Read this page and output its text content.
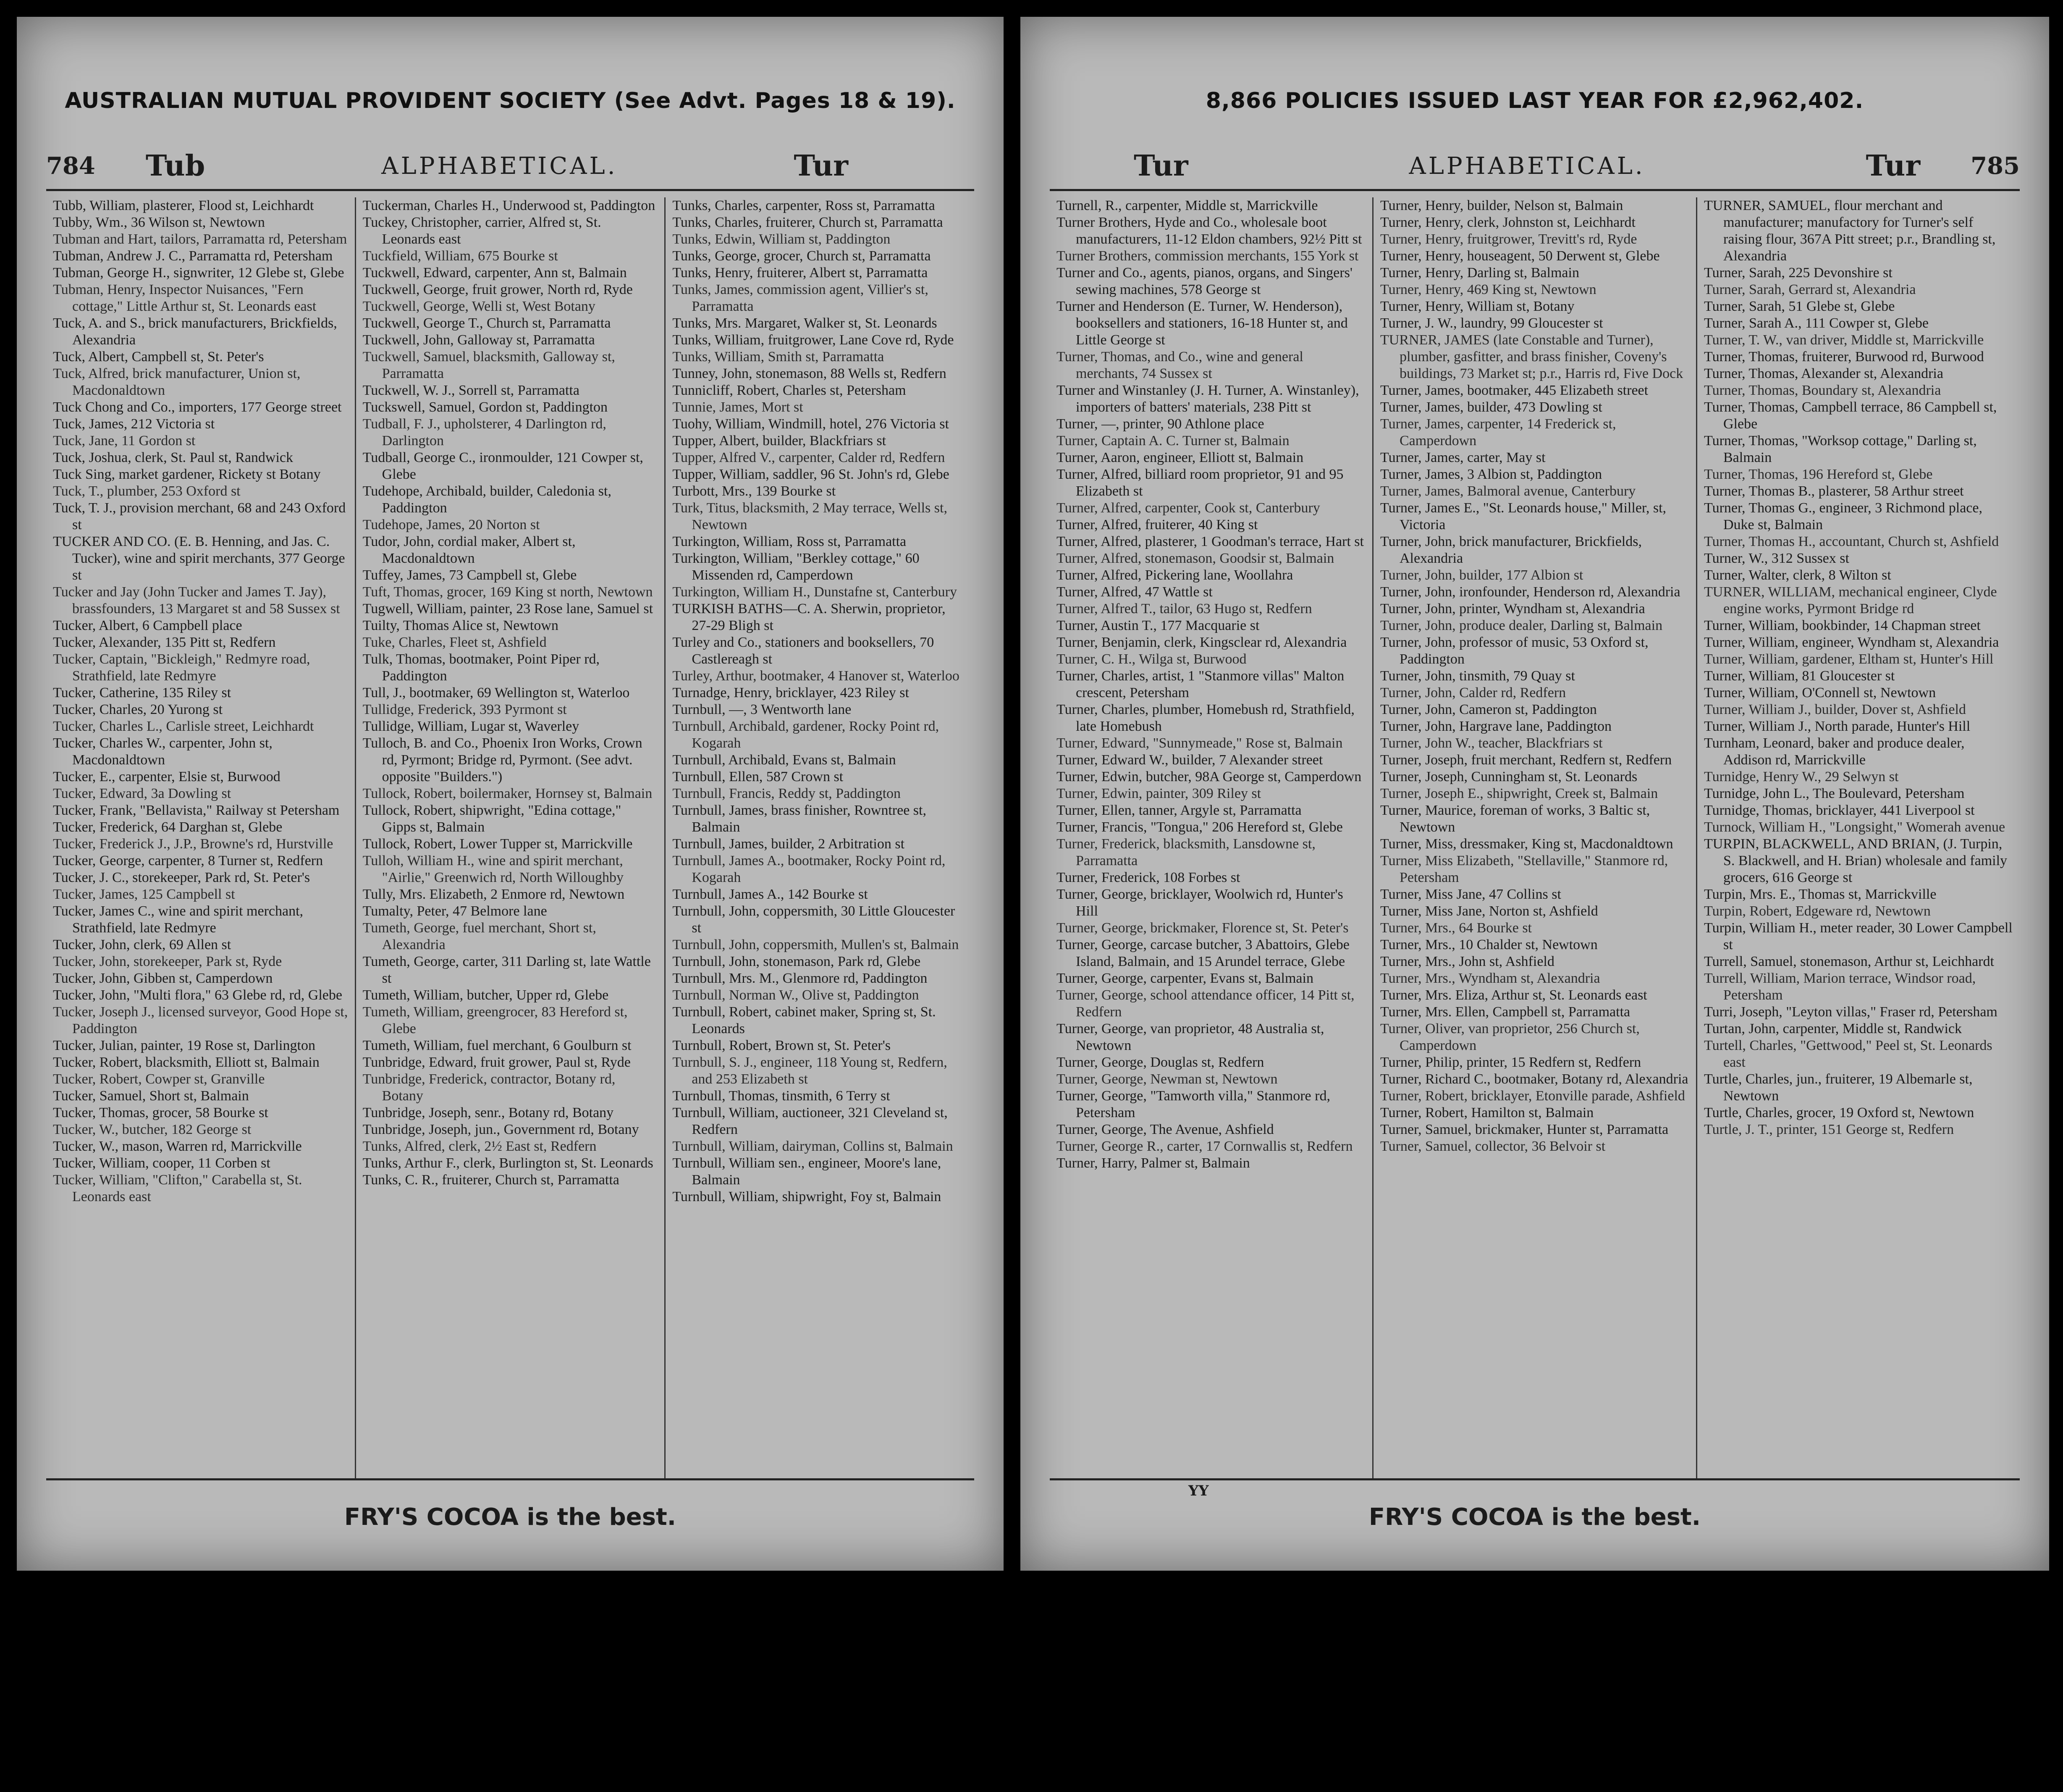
AUSTRALIAN MUTUAL PROVIDENT SOCIETY (See Advt. Pages 18 & 19).
784 Tub	ALPHABETICAL.	Tur

Tubb, William, plasterer, Flood st, Leichhardt

Tubby, Wm., 36 Wilson st, Newtown

Tubman and Hart, tailors, Parramatta rd, Petersham

Tubman, Andrew J. C., Parramatta rd, Petersham

Tubman, George H., signwriter, 12 Glebe st, Glebe

Tubman, Henry, Inspector Nuisances, "Fern cottage," Little Arthur st, St. Leonards east

Tuck, A. and S., brick manufacturers, Brickfields, Alexandria

Tuck, Albert, Campbell st, St. Peter's

Tuck, Alfred, brick manufacturer, Union st, Macdonaldtown

Tuck Chong and Co., importers, 177 George street

Tuck, James, 212 Victoria st

Tuck, Jane, 11 Gordon st

Tuck, Joshua, clerk, St. Paul st, Randwick

Tuck Sing, market gardener, Rickety st Botany

Tuck, T., plumber, 253 Oxford st

Tuck, T. J., provision merchant, 68 and 243 Oxford st

TUCKER AND CO. (E. B. Henning, and Jas. C. Tucker), wine and spirit merchants, 377 George st

Tucker and Jay (John Tucker and James T. Jay), brassfounders, 13 Margaret st and 58 Sussex st

Tucker, Albert, 6 Campbell place

Tucker, Alexander, 135 Pitt st, Redfern

Tucker, Captain, "Bickleigh," Redmyre road, Strathfield, late Redmyre

Tucker, Catherine, 135 Riley st

Tucker, Charles, 20 Yurong st

Tucker, Charles L., Carlisle street, Leichhardt

Tucker, Charles W., carpenter, John st, Macdonaldtown

Tucker, E., carpenter, Elsie st, Burwood

Tucker, Edward, 3a Dowling st

Tucker, Frank, "Bellavista," Railway st Petersham

Tucker, Frederick, 64 Darghan st, Glebe

Tucker, Frederick J., J.P., Browne's rd, Hurstville

Tucker, George, carpenter, 8 Turner st, Redfern

Tucker, J. C., storekeeper, Park rd, St. Peter's

Tucker, James, 125 Campbell st

Tucker, James C., wine and spirit merchant, Strathfield, late Redmyre

Tucker, John, clerk, 69 Allen st

Tucker, John, storekeeper, Park st, Ryde

Tucker, John, Gibben st, Camperdown

Tucker, John, "Multi flora," 63 Glebe rd, rd, Glebe

Tucker, Joseph J., licensed surveyor, Good Hope st, Paddington

Tucker, Julian, painter, 19 Rose st, Darlington

Tucker, Robert, blacksmith, Elliott st, Balmain

Tucker, Robert, Cowper st, Granville

Tucker, Samuel, Short st, Balmain

Tucker, Thomas, grocer, 58 Bourke st

Tucker, W., butcher, 182 George st

Tucker, W., mason, Warren rd, Marrickville

Tucker, William, cooper, 11 Corben st

Tucker, William, "Clifton," Carabella st, St. Leonards east

Tuckerman, Charles H., Underwood st, Paddington

Tuckey, Christopher, carrier, Alfred st, St. Leonards east

Tuckfield, William, 675 Bourke st

Tuckwell, Edward, carpenter, Ann st, Balmain

Tuckwell, George, fruit grower, North rd, Ryde

Tuckwell, George, Welli st, West Botany

Tuckwell, George T., Church st, Parramatta

Tuckwell, John, Galloway st, Parramatta

Tuckwell, Samuel, blacksmith, Galloway st, Parramatta

Tuckwell, W. J., Sorrell st, Parramatta

Tuckswell, Samuel, Gordon st, Paddington

Tudball, F. J., upholsterer, 4 Darlington rd, Darlington

Tudball, George C., ironmoulder, 121 Cowper st, Glebe

Tudehope, Archibald, builder, Caledonia st, Paddington

Tudehope, James, 20 Norton st

Tudor, John, cordial maker, Albert st, Macdonaldtown

Tuffey, James, 73 Campbell st, Glebe

Tuft, Thomas, grocer, 169 King st north, Newtown

Tugwell, William, painter, 23 Rose lane, Samuel st

Tuilty, Thomas Alice st, Newtown

Tuke, Charles, Fleet st, Ashfield

Tulk, Thomas, bootmaker, Point Piper rd, Paddington

Tull, J., bootmaker, 69 Wellington st, Waterloo

Tullidge, Frederick, 393 Pyrmont st

Tullidge, William, Lugar st, Waverley

Tulloch, B. and Co., Phoenix Iron Works, Crown rd, Pyrmont; Bridge rd, Pyrmont. (See advt. opposite "Builders.")

Tullock, Robert, boilermaker, Hornsey st, Balmain

Tullock, Robert, shipwright, "Edina cottage," Gipps st, Balmain

Tullock, Robert, Lower Tupper st, Marrickville

Tulloh, William H., wine and spirit merchant, "Airlie," Greenwich rd, North Willoughby

Tully, Mrs. Elizabeth, 2 Enmore rd, Newtown

Tumalty, Peter, 47 Belmore lane

Tumeth, George, fuel merchant, Short st, Alexandria

Tumeth, George, carter, 311 Darling st, late Wattle st

Tumeth, William, butcher, Upper rd, Glebe

Tumeth, William, greengrocer, 83 Hereford st, Glebe

Tumeth, William, fuel merchant, 6 Goulburn st

Tunbridge, Edward, fruit grower, Paul st, Ryde

Tunbridge, Frederick, contractor, Botany rd, Botany

Tunbridge, Joseph, senr., Botany rd, Botany

Tunbridge, Joseph, jun., Government rd, Botany

Tunks, Alfred, clerk, 2½ East st, Redfern

Tunks, Arthur F., clerk, Burlington st, St. Leonards

Tunks, C. R., fruiterer, Church st, Parramatta

Tunks, Charles, carpenter, Ross st, Parramatta

Tunks, Charles, fruiterer, Church st, Parramatta

Tunks, Edwin, William st, Paddington

Tunks, George, grocer, Church st, Parramatta

Tunks, Henry, fruiterer, Albert st, Parramatta

Tunks, James, commission agent, Villier's st, Parramatta

Tunks, Mrs. Margaret, Walker st, St. Leonards

Tunks, William, fruitgrower, Lane Cove rd, Ryde

Tunks, William, Smith st, Parramatta

Tunney, John, stonemason, 88 Wells st, Redfern

Tunnicliff, Robert, Charles st, Petersham

Tunnie, James, Mort st

Tuohy, William, Windmill, hotel, 276 Victoria st

Tupper, Albert, builder, Blackfriars st

Tupper, Alfred V., carpenter, Calder rd, Redfern

Tupper, William, saddler, 96 St. John's rd, Glebe

Turbott, Mrs., 139 Bourke st

Turk, Titus, blacksmith, 2 May terrace, Wells st, Newtown

Turkington, William, Ross st, Parramatta

Turkington, William, "Berkley cottage," 60 Missenden rd, Camperdown

Turkington, William H., Dunstafne st, Canterbury

TURKISH BATHS—C. A. Sherwin, proprietor, 27-29 Bligh st

Turley and Co., stationers and booksellers, 70 Castlereagh st

Turley, Arthur, bootmaker, 4 Hanover st, Waterloo

Turnadge, Henry, bricklayer, 423 Riley st

Turnbull, —, 3 Wentworth lane

Turnbull, Archibald, gardener, Rocky Point rd, Kogarah

Turnbull, Archibald, Evans st, Balmain

Turnbull, Ellen, 587 Crown st

Turnbull, Francis, Reddy st, Paddington

Turnbull, James, brass finisher, Rowntree st, Balmain

Turnbull, James, builder, 2 Arbitration st

Turnbull, James A., bootmaker, Rocky Point rd, Kogarah

Turnbull, James A., 142 Bourke st

Turnbull, John, coppersmith, 30 Little Gloucester st

Turnbull, John, coppersmith, Mullen's st, Balmain

Turnbull, John, stonemason, Park rd, Glebe

Turnbull, Mrs. M., Glenmore rd, Paddington

Turnbull, Norman W., Olive st, Paddington

Turnbull, Robert, cabinet maker, Spring st, St. Leonards

Turnbull, Robert, Brown st, St. Peter's

Turnbull, S. J., engineer, 118 Young st, Redfern, and 253 Elizabeth st

Turnbull, Thomas, tinsmith, 6 Terry st

Turnbull, William, auctioneer, 321 Cleveland st, Redfern

Turnbull, William, dairyman, Collins st, Balmain

Turnbull, William sen., engineer, Moore's lane, Balmain

Turnbull, William, shipwright, Foy st, Balmain

FRY'S COCOA is the best.
8,866 POLICIES ISSUED LAST YEAR FOR £2,962,402.
Tur	ALPHABETICAL.	Tur 785

Turnell, R., carpenter, Middle st, Marrickville

Turner Brothers, Hyde and Co., wholesale boot manufacturers, 11-12 Eldon chambers, 92½ Pitt st

Turner Brothers, commission merchants, 155 York st

Turner and Co., agents, pianos, organs, and Singers' sewing machines, 578 George st

Turner and Henderson (E. Turner, W. Henderson), booksellers and stationers, 16-18 Hunter st, and Little George st

Turner, Thomas, and Co., wine and general merchants, 74 Sussex st

Turner and Winstanley (J. H. Turner, A. Winstanley), importers of batters' materials, 238 Pitt st

Turner, —, printer, 90 Athlone place

Turner, Captain A. C. Turner st, Balmain

Turner, Aaron, engineer, Elliott st, Balmain

Turner, Alfred, billiard room proprietor, 91 and 95 Elizabeth st

Turner, Alfred, carpenter, Cook st, Canterbury

Turner, Alfred, fruiterer, 40 King st

Turner, Alfred, plasterer, 1 Goodman's terrace, Hart st

Turner, Alfred, stonemason, Goodsir st, Balmain

Turner, Alfred, Pickering lane, Woollahra

Turner, Alfred, 47 Wattle st

Turner, Alfred T., tailor, 63 Hugo st, Redfern

Turner, Austin T., 177 Macquarie st

Turner, Benjamin, clerk, Kingsclear rd, Alexandria

Turner, C. H., Wilga st, Burwood

Turner, Charles, artist, 1 "Stanmore villas" Malton crescent, Petersham

Turner, Charles, plumber, Homebush rd, Strathfield, late Homebush

Turner, Edward, "Sunnymeade," Rose st, Balmain

Turner, Edward W., builder, 7 Alexander street

Turner, Edwin, butcher, 98A George st, Camperdown

Turner, Edwin, painter, 309 Riley st

Turner, Ellen, tanner, Argyle st, Parramatta

Turner, Francis, "Tongua," 206 Hereford st, Glebe

Turner, Frederick, blacksmith, Lansdowne st, Parramatta

Turner, Frederick, 108 Forbes st

Turner, George, bricklayer, Woolwich rd, Hunter's Hill

Turner, George, brickmaker, Florence st, St. Peter's

Turner, George, carcase butcher, 3 Abattoirs, Glebe Island, Balmain, and 15 Arundel terrace, Glebe

Turner, George, carpenter, Evans st, Balmain

Turner, George, school attendance officer, 14 Pitt st, Redfern

Turner, George, van proprietor, 48 Australia st, Newtown

Turner, George, Douglas st, Redfern

Turner, George, Newman st, Newtown

Turner, George, "Tamworth villa," Stanmore rd, Petersham

Turner, George, The Avenue, Ashfield

Turner, George R., carter, 17 Cornwallis st, Redfern

Turner, Harry, Palmer st, Balmain

Turner, Henry, builder, Nelson st, Balmain

Turner, Henry, clerk, Johnston st, Leichhardt

Turner, Henry, fruitgrower, Trevitt's rd, Ryde

Turner, Henry, houseagent, 50 Derwent st, Glebe

Turner, Henry, Darling st, Balmain

Turner, Henry, 469 King st, Newtown

Turner, Henry, William st, Botany

Turner, J. W., laundry, 99 Gloucester st

TURNER, JAMES (late Constable and Turner), plumber, gasfitter, and brass finisher, Coveny's buildings, 73 Market st; p.r., Harris rd, Five Dock

Turner, James, bootmaker, 445 Elizabeth street

Turner, James, builder, 473 Dowling st

Turner, James, carpenter, 14 Frederick st, Camperdown

Turner, James, carter, May st

Turner, James, 3 Albion st, Paddington

Turner, James, Balmoral avenue, Canterbury

Turner, James E., "St. Leonards house," Miller, st, Victoria

Turner, John, brick manufacturer, Brickfields, Alexandria

Turner, John, builder, 177 Albion st

Turner, John, ironfounder, Henderson rd, Alexandria

Turner, John, printer, Wyndham st, Alexandria

Turner, John, produce dealer, Darling st, Balmain

Turner, John, professor of music, 53 Oxford st, Paddington

Turner, John, tinsmith, 79 Quay st

Turner, John, Calder rd, Redfern

Turner, John, Cameron st, Paddington

Turner, John, Hargrave lane, Paddington

Turner, John W., teacher, Blackfriars st

Turner, Joseph, fruit merchant, Redfern st, Redfern

Turner, Joseph, Cunningham st, St. Leonards

Turner, Joseph E., shipwright, Creek st, Balmain

Turner, Maurice, foreman of works, 3 Baltic st, Newtown

Turner, Miss, dressmaker, King st, Macdonaldtown

Turner, Miss Elizabeth, "Stellaville," Stanmore rd, Petersham

Turner, Miss Jane, 47 Collins st

Turner, Miss Jane, Norton st, Ashfield

Turner, Mrs., 64 Bourke st

Turner, Mrs., 10 Chalder st, Newtown

Turner, Mrs., John st, Ashfield

Turner, Mrs., Wyndham st, Alexandria

Turner, Mrs. Eliza, Arthur st, St. Leonards east

Turner, Mrs. Ellen, Campbell st, Parramatta

Turner, Oliver, van proprietor, 256 Church st, Camperdown

Turner, Philip, printer, 15 Redfern st, Redfern

Turner, Richard C., bootmaker, Botany rd, Alexandria

Turner, Robert, bricklayer, Etonville parade, Ashfield

Turner, Robert, Hamilton st, Balmain

Turner, Samuel, brickmaker, Hunter st, Parramatta

Turner, Samuel, collector, 36 Belvoir st

TURNER, SAMUEL, flour merchant and manufacturer; manufactory for Turner's self raising flour, 367A Pitt street; p.r., Brandling st, Alexandria

Turner, Sarah, 225 Devonshire st

Turner, Sarah, Gerrard st, Alexandria

Turner, Sarah, 51 Glebe st, Glebe

Turner, Sarah A., 111 Cowper st, Glebe

Turner, T. W., van driver, Middle st, Marrickville

Turner, Thomas, fruiterer, Burwood rd, Burwood

Turner, Thomas, Alexander st, Alexandria

Turner, Thomas, Boundary st, Alexandria

Turner, Thomas, Campbell terrace, 86 Campbell st, Glebe

Turner, Thomas, "Worksop cottage," Darling st, Balmain

Turner, Thomas, 196 Hereford st, Glebe

Turner, Thomas B., plasterer, 58 Arthur street

Turner, Thomas G., engineer, 3 Richmond place, Duke st, Balmain

Turner, Thomas H., accountant, Church st, Ashfield

Turner, W., 312 Sussex st

Turner, Walter, clerk, 8 Wilton st

TURNER, WILLIAM, mechanical engineer, Clyde engine works, Pyrmont Bridge rd

Turner, William, bookbinder, 14 Chapman street

Turner, William, engineer, Wyndham st, Alexandria

Turner, William, gardener, Eltham st, Hunter's Hill

Turner, William, 81 Gloucester st

Turner, William, O'Connell st, Newtown

Turner, William J., builder, Dover st, Ashfield

Turner, William J., North parade, Hunter's Hill

Turnham, Leonard, baker and produce dealer, Addison rd, Marrickville

Turnidge, Henry W., 29 Selwyn st

Turnidge, John L., The Boulevard, Petersham

Turnidge, Thomas, bricklayer, 441 Liverpool st

Turnock, William H., "Longsight," Womerah avenue

TURPIN, BLACKWELL, AND BRIAN, (J. Turpin, S. Blackwell, and H. Brian) wholesale and family grocers, 616 George st

Turpin, Mrs. E., Thomas st, Marrickville

Turpin, Robert, Edgeware rd, Newtown

Turpin, William H., meter reader, 30 Lower Campbell st

Turrell, Samuel, stonemason, Arthur st, Leichhardt

Turrell, William, Marion terrace, Windsor road, Petersham

Turri, Joseph, "Leyton villas," Fraser rd, Petersham

Turtan, John, carpenter, Middle st, Randwick

Turtell, Charles, "Gettwood," Peel st, St. Leonards east

Turtle, Charles, jun., fruiterer, 19 Albemarle st, Newtown

Turtle, Charles, grocer, 19 Oxford st, Newtown

Turtle, J. T., printer, 151 George st, Redfern

YY
FRY'S COCOA is the best.
